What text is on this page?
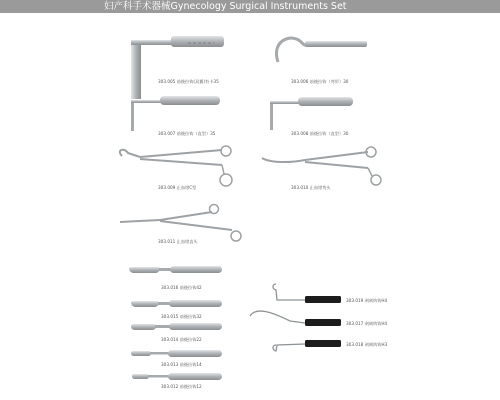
妇产科手术器械Gynecology Surgical Instruments Set
303.005 前後拉钩(双翼)有卡35	303.006 前後拉钩（弯形）30
303.007 前後拉钩（直型）35	303.008 前後拉钩（直型）30
303.009 止血钳C型	303.010 止血钳弯头
303.011 止血钳直头
303.016 前後拉钩42
303.015 前後拉钩32
303.014 前後拉钩22
303.013 前後拉钩14
303.012 前後拉钩12
303.019 剥离钩钩H4
303.017 剥离钩钩H4
303.018 剥离钩钩H3
